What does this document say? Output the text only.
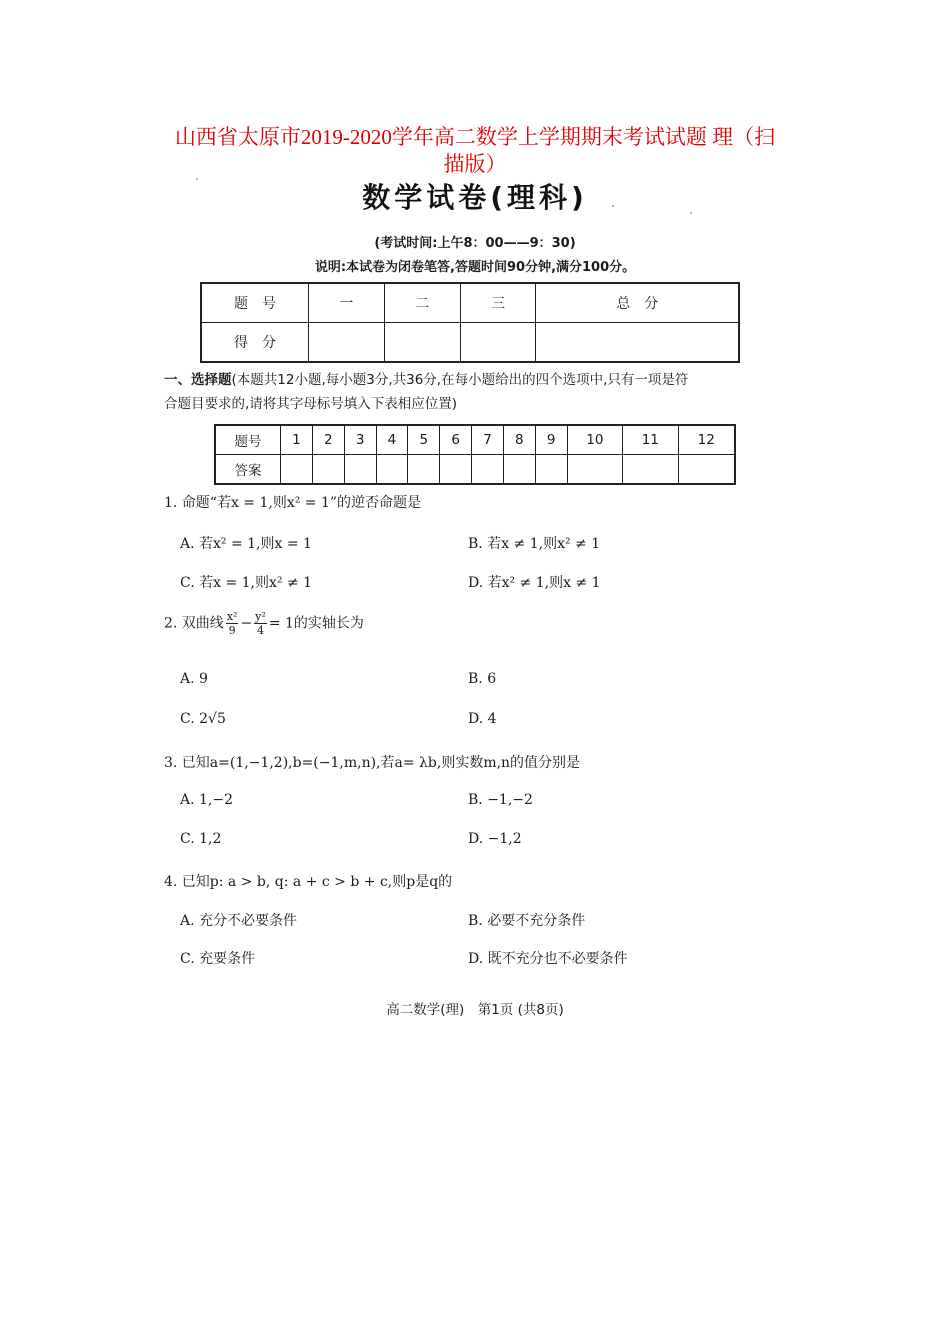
山西省太原市2019-2020学年高二数学上学期期末考试试题 理（扫
描版）
数学试卷(理科)
(考试时间:上午8：00——9：30)
说明:本试卷为闭卷笔答,答题时间90分钟,满分100分。
题　号	一	二	三	总　分
得　分				
一、选择题(本题共12小题,每小题3分,共36分,在每小题给出的四个选项中,只有一项是符
合题目要求的,请将其字母标号填入下表相应位置)
题号	1	2	3	4	5	6	7	8	9	10	11	12
答案												
1. 命题“若x = 1,则x² = 1”的逆否命题是
A. 若x² = 1,则x = 1	B. 若x ≠ 1,则x² ≠ 1
C. 若x = 1,则x² ≠ 1	D. 若x² ≠ 1,则x ≠ 1
2. 双曲线 $\frac{\text{x²}}{9} - \frac{\text{y²}}{4} = 1$的实轴长为
A. 9	B. 6
C. 2√5	D. 4
3. 已知a=(1,−1,2),b=(−1,m,n),若a= λb,则实数m,n的值分别是
A. 1,−2	B. −1,−2
C. 1,2	D. −1,2
4. 已知p: a > b, q: a + c > b + c,则p是q的
A. 充分不必要条件	B. 必要不充分条件
C. 充要条件	D. 既不充分也不必要条件
高二数学(理)　第1页 (共8页)
